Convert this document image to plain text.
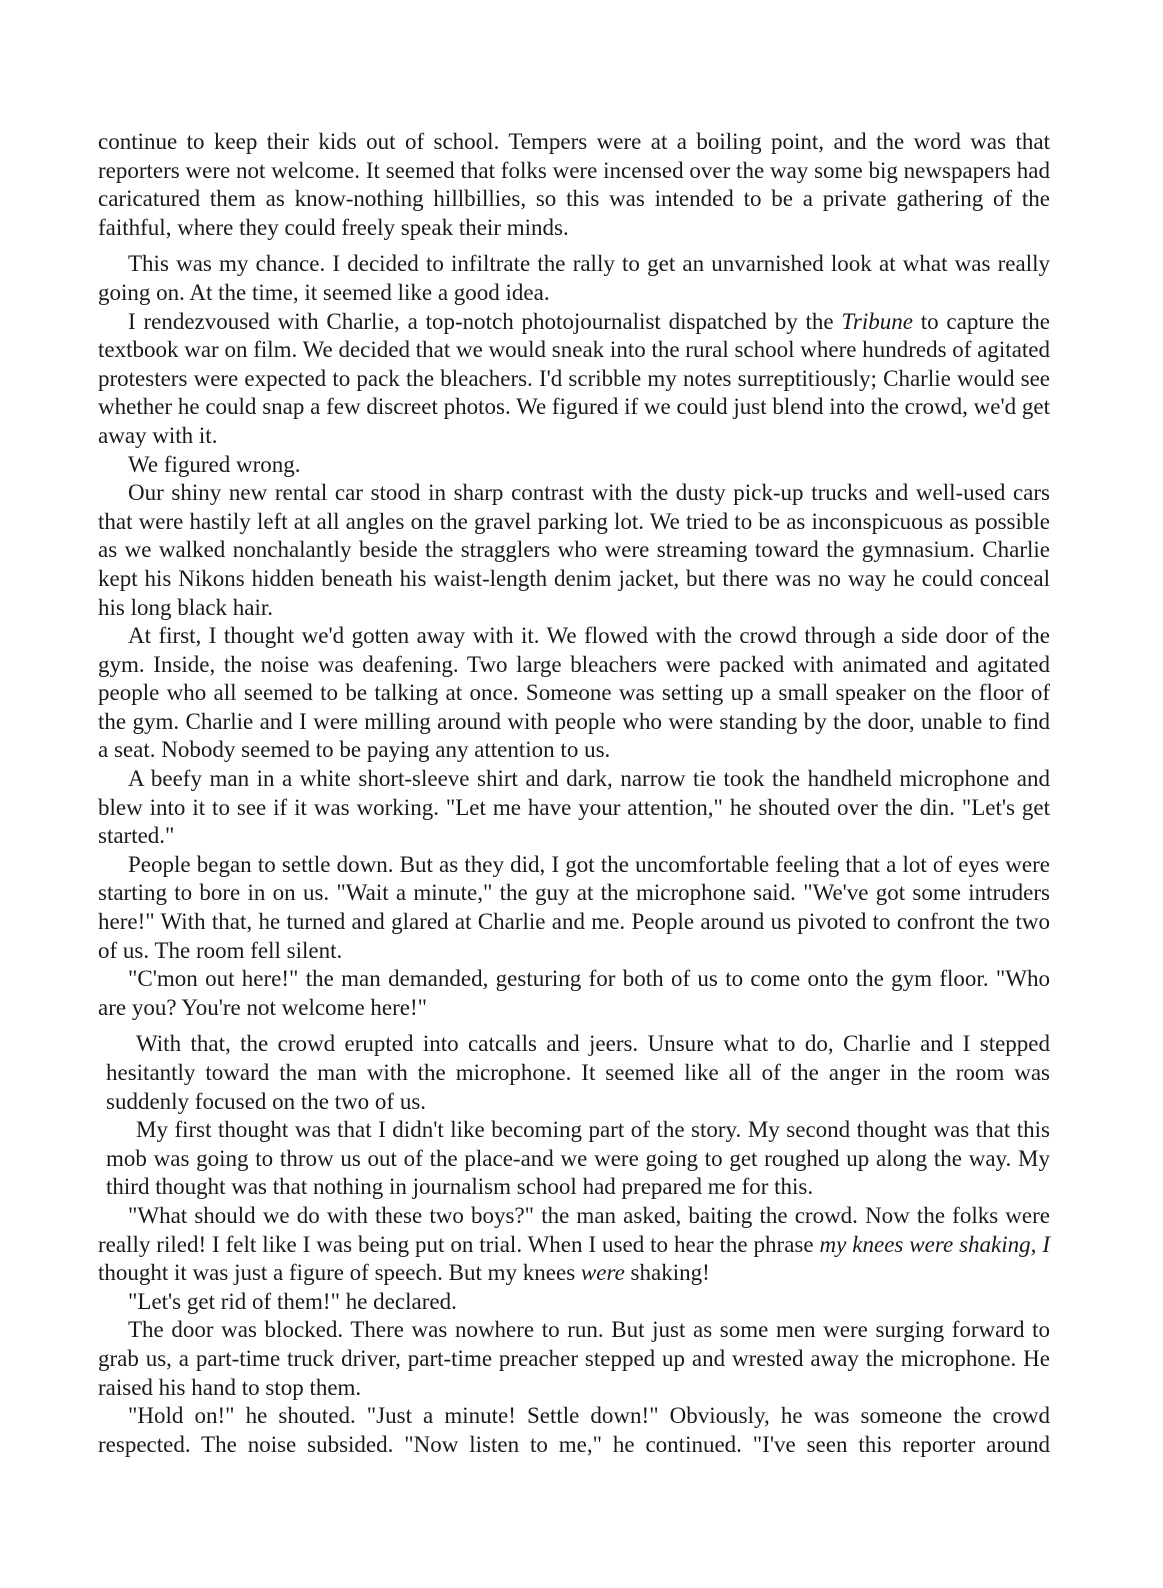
continue to keep their kids out of school. Tempers were at a boiling point, and the word was that reporters were not welcome. It seemed that folks were incensed over the way some big newspapers had caricatured them as know-nothing hillbillies, so this was intended to be a private gathering of the faithful, where they could freely speak their minds.

This was my chance. I decided to infiltrate the rally to get an unvarnished look at what was really going on. At the time, it seemed like a good idea.

I rendezvoused with Charlie, a top-notch photojournalist dispatched by the Tribune to capture the textbook war on film. We decided that we would sneak into the rural school where hundreds of agitated protesters were expected to pack the bleachers. I'd scribble my notes surreptitiously; Charlie would see whether he could snap a few discreet photos. We figured if we could just blend into the crowd, we'd get away with it.

We figured wrong.

Our shiny new rental car stood in sharp contrast with the dusty pick-up trucks and well-used cars that were hastily left at all angles on the gravel parking lot. We tried to be as inconspicuous as possible as we walked nonchalantly beside the stragglers who were streaming toward the gymnasium. Charlie kept his Nikons hidden beneath his waist-length denim jacket, but there was no way he could conceal his long black hair.

At first, I thought we'd gotten away with it. We flowed with the crowd through a side door of the gym. Inside, the noise was deafening. Two large bleachers were packed with animated and agitated people who all seemed to be talking at once. Someone was setting up a small speaker on the floor of the gym. Charlie and I were milling around with people who were standing by the door, unable to find a seat. Nobody seemed to be paying any attention to us.

A beefy man in a white short-sleeve shirt and dark, narrow tie took the handheld microphone and blew into it to see if it was working. "Let me have your attention," he shouted over the din. "Let's get started."

People began to settle down. But as they did, I got the uncomfortable feeling that a lot of eyes were starting to bore in on us. "Wait a minute," the guy at the microphone said. "We've got some intruders here!" With that, he turned and glared at Charlie and me. People around us pivoted to confront the two of us. The room fell silent.

"C'mon out here!" the man demanded, gesturing for both of us to come onto the gym floor. "Who are you? You're not welcome here!"

With that, the crowd erupted into catcalls and jeers. Unsure what to do, Charlie and I stepped hesitantly toward the man with the microphone. It seemed like all of the anger in the room was suddenly focused on the two of us.

My first thought was that I didn't like becoming part of the story. My second thought was that this mob was going to throw us out of the place-and we were going to get roughed up along the way. My third thought was that nothing in journalism school had prepared me for this.

"What should we do with these two boys?" the man asked, baiting the crowd. Now the folks were really riled! I felt like I was being put on trial. When I used to hear the phrase my knees were shaking, I thought it was just a figure of speech. But my knees were shaking!

"Let's get rid of them!" he declared.

The door was blocked. There was nowhere to run. But just as some men were surging forward to grab us, a part-time truck driver, part-time preacher stepped up and wrested away the microphone. He raised his hand to stop them.

"Hold on!" he shouted. "Just a minute! Settle down!" Obviously, he was someone the crowd respected. The noise subsided. "Now listen to me," he continued. "I've seen this reporter around
